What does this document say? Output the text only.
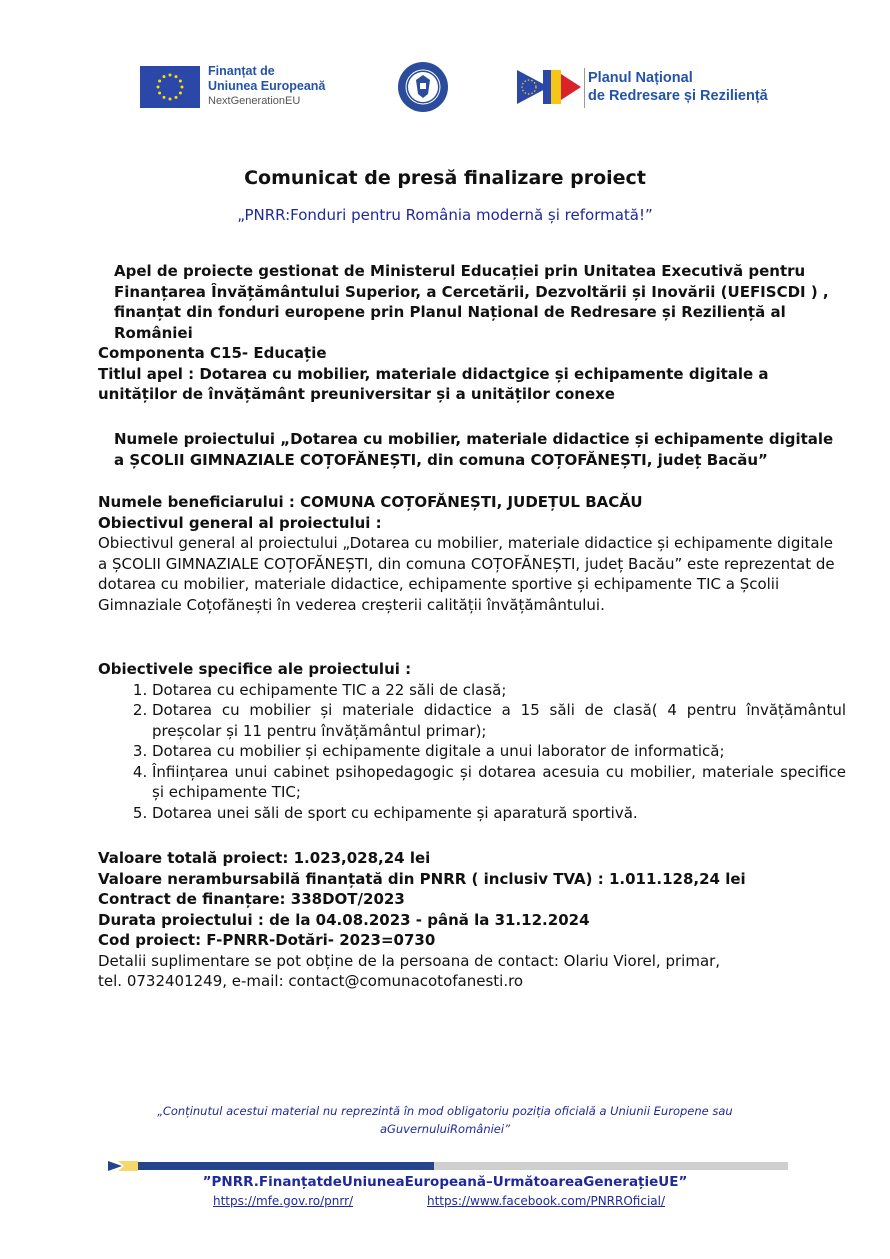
Finanțat de
Uniunea Europeană
NextGenerationEU
Planul Național
de Redresare și Reziliență
Comunicat de presă finalizare proiect
„PNRR:Fonduri pentru România modernă și reformată!”

Apel de proiecte gestionat de Ministerul Educației prin Unitatea Executivă pentru Finanțarea Învățământului Superior, a Cercetării, Dezvoltării și Inovării (UEFISCDI ) , finanțat din fonduri europene prin Planul Național de Redresare și Reziliență al României

Componenta C15- Educație

Titlul apel : Dotarea cu mobilier, materiale didactgice și echipamente digitale a unităților de învățământ preuniversitar și a unităților conexe

Numele proiectului „Dotarea cu mobilier, materiale didactice și echipamente digitale a ȘCOLII GIMNAZIALE COȚOFĂNEȘTI, din comuna COȚOFĂNEȘTI, județ Bacău”

Numele beneficiarului : COMUNA COȚOFĂNEȘTI, JUDEȚUL BACĂU

Obiectivul general al proiectului :

Obiectivul general al proiectului „Dotarea cu mobilier, materiale didactice și echipamente digitale a ȘCOLII GIMNAZIALE COȚOFĂNEȘTI, din comuna COȚOFĂNEȘTI, județ Bacău” este reprezentat de dotarea cu mobilier, materiale didactice, echipamente sportive și echipamente TIC a Școlii Gimnaziale Coțofănești în vederea creșterii calității învățământului.

Obiectivele specifice ale proiectului :

1. Dotarea cu echipamente TIC a 22 săli de clasă;
2. Dotarea cu mobilier și materiale didactice a 15 săli de clasă( 4 pentru învățământul preșcolar și 11 pentru învățământul primar);
3. Dotarea cu mobilier și echipamente digitale a unui laborator de informatică;
4. Înființarea unui cabinet psihopedagogic și dotarea acesuia cu mobilier, materiale specifice și echipamente TIC;
5. Dotarea unei săli de sport cu echipamente și aparatură sportivă.

Valoare totală proiect: 1.023,028,24 lei

Valoare nerambursabilă finanțată din PNRR ( inclusiv TVA) : 1.011.128,24 lei

Contract de finanțare: 338DOT/2023

Durata proiectului : de la 04.08.2023 - până la 31.12.2024

Cod proiect: F-PNRR-Dotări- 2023=0730

Detalii suplimentare se pot obține de la persoana de contact: Olariu Viorel, primar,

tel. 0732401249, e-mail: contact@comunacotofanesti.ro

„Conținutul acestui material nu reprezintă în mod obligatoriu poziția oficială a Uniunii Europene sau
aGuvernuluiRomâniei”
”PNRR.FinanțatdeUniuneaEuropeană–UrmătoareaGenerațieUE”
https://mfe.gov.ro/pnrr/	https://www.facebook.com/PNRROficial/
